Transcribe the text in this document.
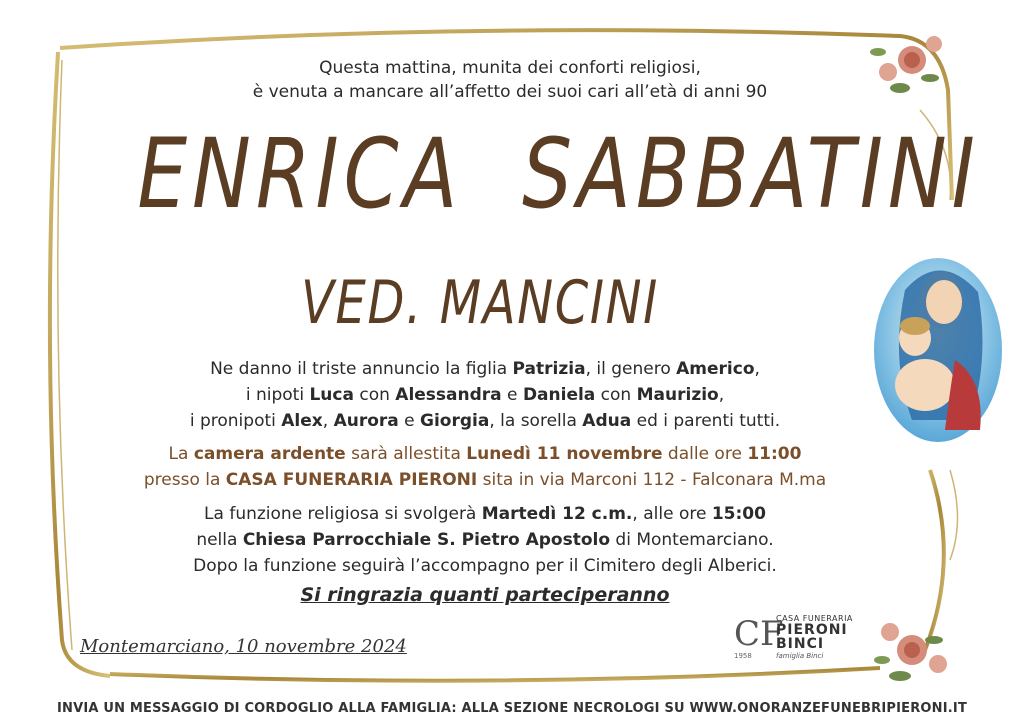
Questa mattina, munita dei conforti religiosi,
è venuta a mancare all’affetto dei suoi cari all’età di anni 90
ENRICA  SABBATINI
VED. MANCINI
Ne danno il triste annuncio la figlia Patrizia, il genero Americo,
i nipoti Luca con Alessandra e Daniela con Maurizio,
i pronipoti Alex, Aurora e Giorgia, la sorella Adua ed i parenti tutti.
La camera ardente sarà allestita Lunedì 11 novembre dalle ore 11:00
presso la CASA FUNERARIA PIERONI sita in via Marconi 112 - Falconara M.ma
La funzione religiosa si svolgerà Martedì 12 c.m., alle ore 15:00
nella Chiesa Parrocchiale S. Pietro Apostolo di Montemarciano.
Dopo la funzione seguirà l’accompagno per il Cimitero degli Alberici.
Si ringrazia quanti parteciperanno
Montemarciano, 10 novembre 2024	CF
1958
CASA FUNERARIA
PIERONI
BINCI
famiglia Binci
INVIA UN MESSAGGIO DI CORDOGLIO ALLA FAMIGLIA: ALLA SEZIONE NECROLOGI SU WWW.ONORANZEFUNEBRIPIERONI.IT
